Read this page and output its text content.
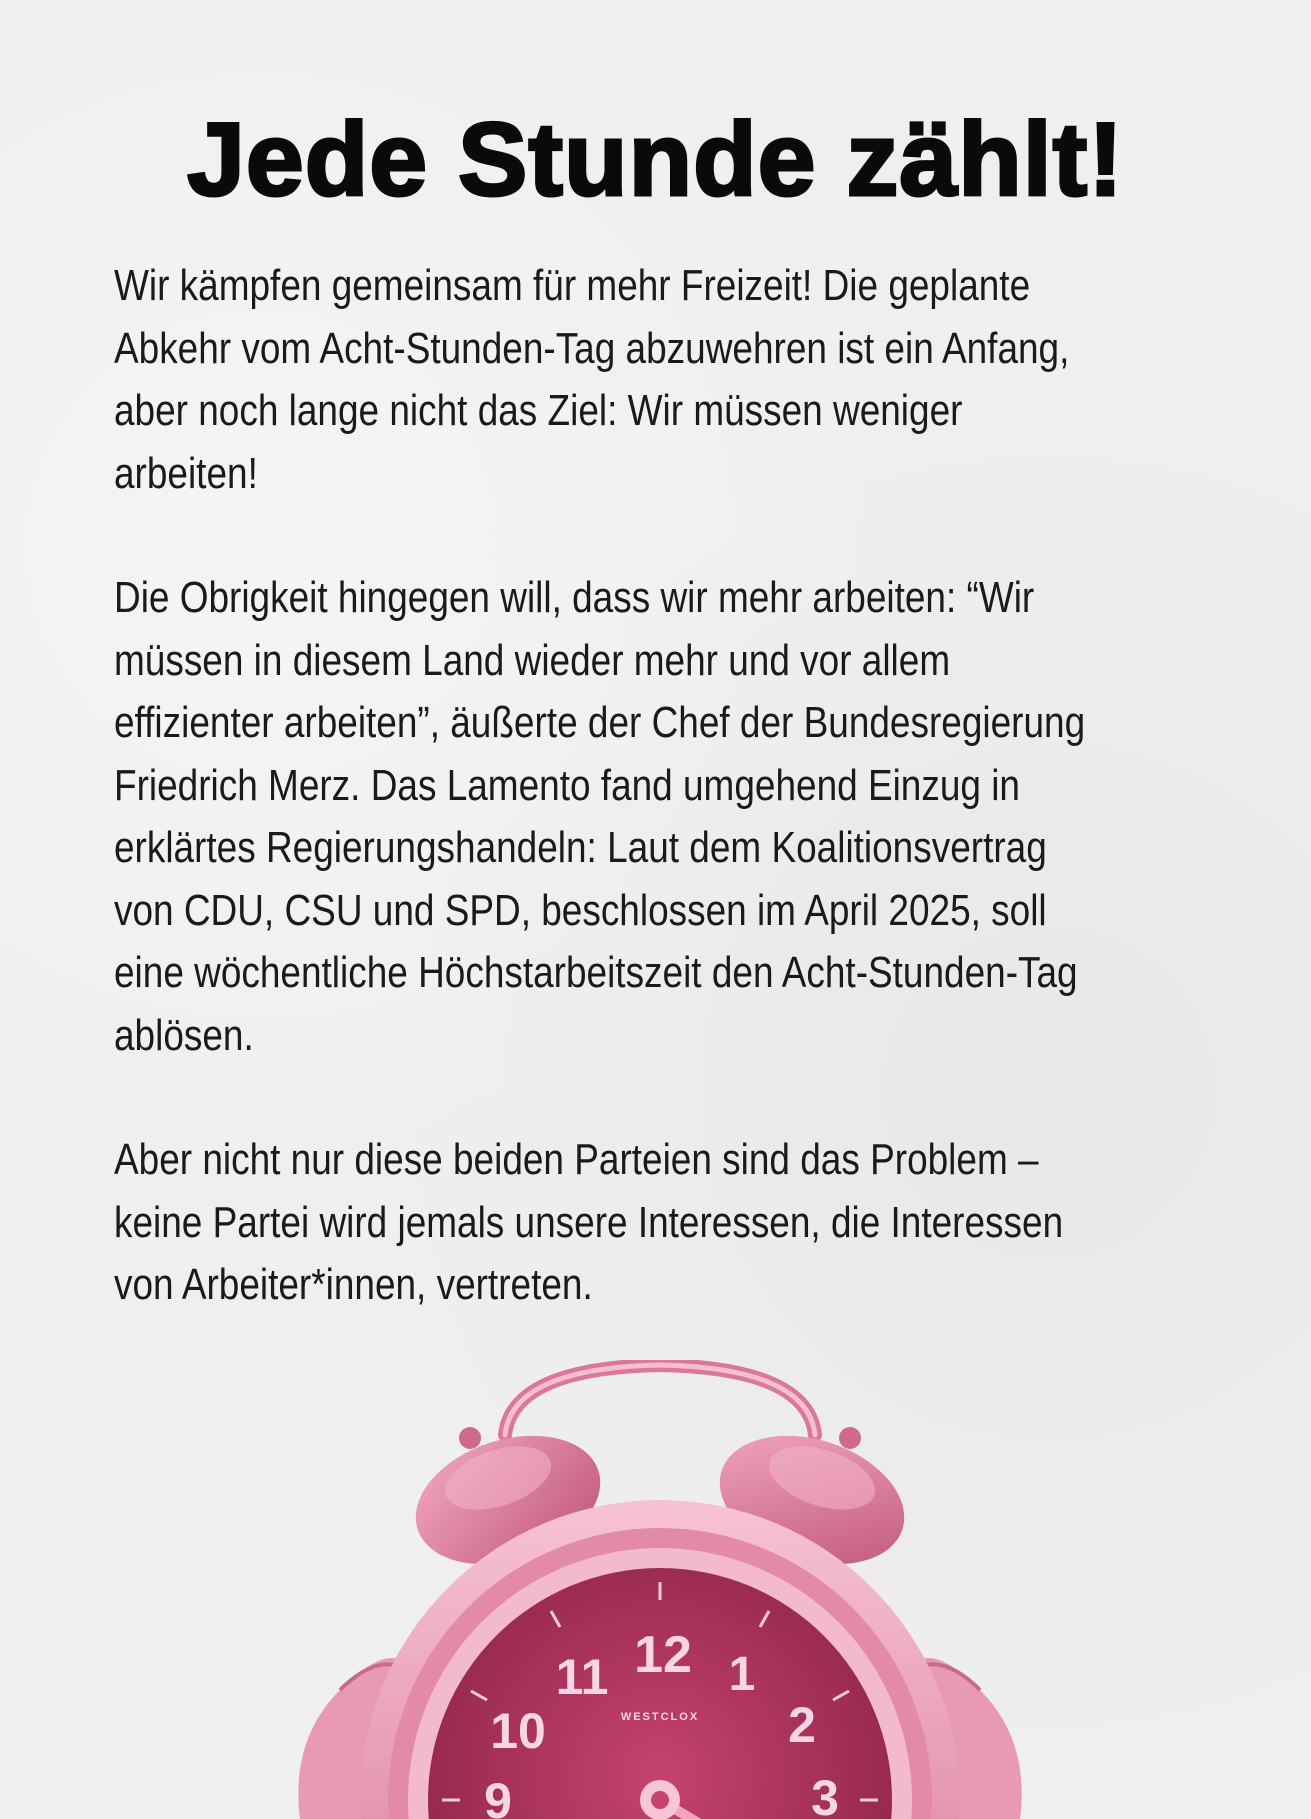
Jede Stunde zählt!

Wir kämpfen gemeinsam für mehr Freizeit! Die geplante
Abkehr vom Acht-Stunden-Tag abzuwehren ist ein Anfang,
aber noch lange nicht das Ziel: Wir müssen weniger
arbeiten!

Die Obrigkeit hingegen will, dass wir mehr arbeiten: “Wir
müssen in diesem Land wieder mehr und vor allem
effizienter arbeiten”, äußerte der Chef der Bundesregierung
Friedrich Merz. Das Lamento fand umgehend Einzug in
erklärtes Regierungshandeln: Laut dem Koalitionsvertrag
von CDU, CSU und SPD, beschlossen im April 2025, soll
eine wöchentliche Höchstarbeitszeit den Acht-Stunden-Tag
ablösen.

Aber nicht nur diese beiden Parteien sind das Problem –
keine Partei wird jemals unsere Interessen, die Interessen
von Arbeiter*innen, vertreten.

12 1
2
3
9
10
11
WESTCLOX
